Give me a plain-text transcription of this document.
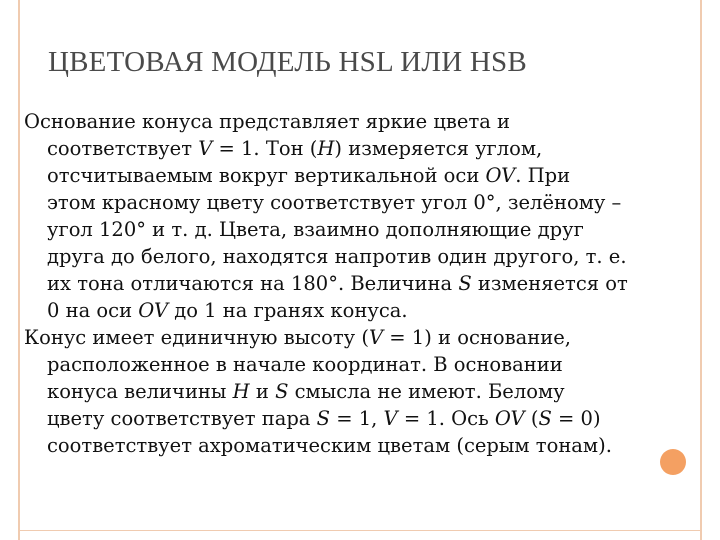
ЦВЕТОВАЯ МОДЕЛЬ HSL ИЛИ HSB
Основание конуса представляет яркие цвета и
соответствует V = 1. Тон (H) измеряется углом,
отсчитываемым вокруг вертикальной оси OV. При
этом красному цвету соответствует угол 0°, зелёному –
угол 120° и т. д. Цвета, взаимно дополняющие друг
друга до белого, находятся напротив один другого, т. е.
их тона отличаются на 180°. Величина S изменяется от
0 на оси OV до 1 на гранях конуса.
Конус имеет единичную высоту (V = 1) и основание,
расположенное в начале координат. В основании
конуса величины H и S смысла не имеют. Белому
цвету соответствует пара S = 1, V = 1. Ось OV (S = 0)
соответствует ахроматическим цветам (серым тонам).
